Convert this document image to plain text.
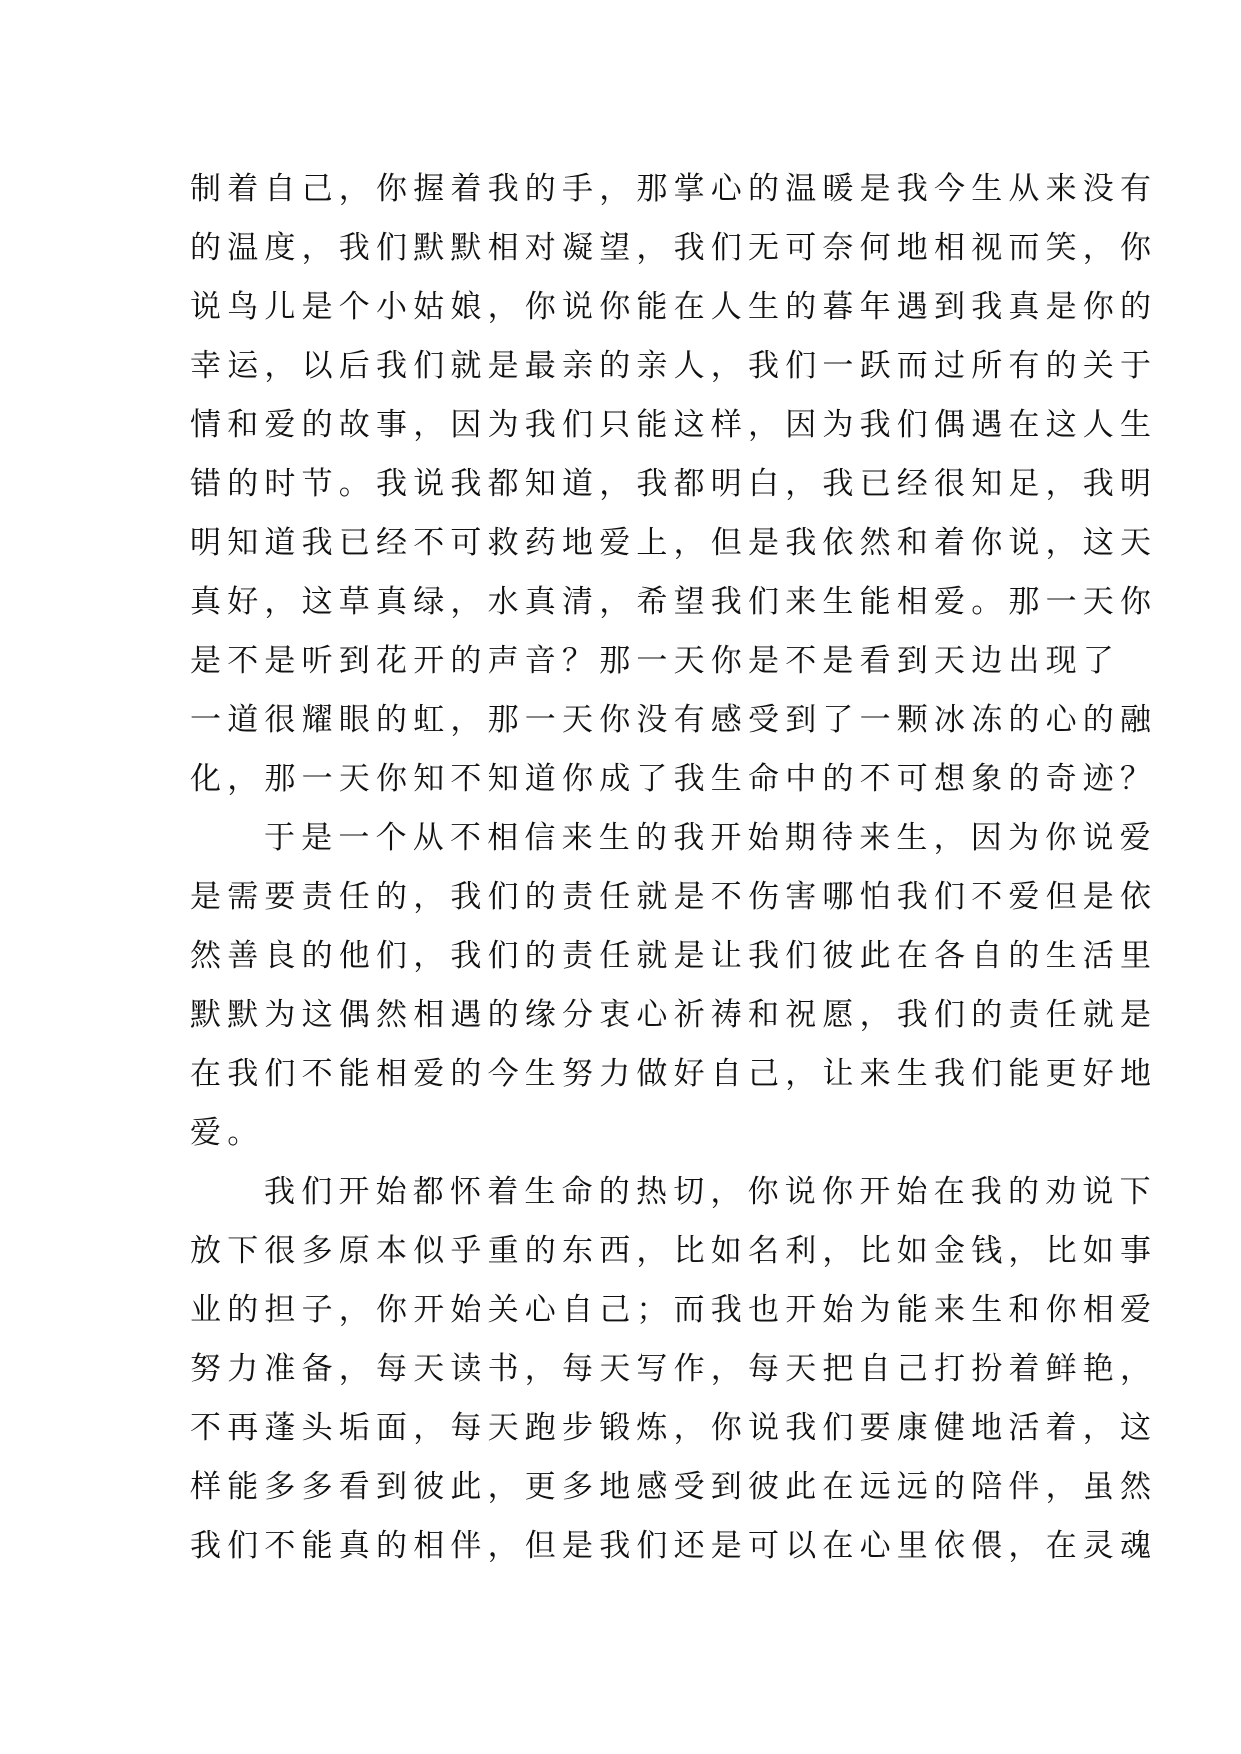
制着自己，你握着我的手，那掌心的温暖是我今生从来没有
的温度，我们默默相对凝望，我们无可奈何地相视而笑，你
说鸟儿是个小姑娘，你说你能在人生的暮年遇到我真是你的
幸运，以后我们就是最亲的亲人，我们一跃而过所有的关于
情和爱的故事，因为我们只能这样，因为我们偶遇在这人生
错的时节。我说我都知道，我都明白，我已经很知足，我明
明知道我已经不可救药地爱上，但是我依然和着你说，这天
真好，这草真绿，水真清，希望我们来生能相爱。那一天你
是不是听到花开的声音？那一天你是不是看到天边出现了
一道很耀眼的虹，那一天你没有感受到了一颗冰冻的心的融
化，那一天你知不知道你成了我生命中的不可想象的奇迹？
于是一个从不相信来生的我开始期待来生，因为你说爱
是需要责任的，我们的责任就是不伤害哪怕我们不爱但是依
然善良的他们，我们的责任就是让我们彼此在各自的生活里
默默为这偶然相遇的缘分衷心祈祷和祝愿，我们的责任就是
在我们不能相爱的今生努力做好自己，让来生我们能更好地
爱。
我们开始都怀着生命的热切，你说你开始在我的劝说下
放下很多原本似乎重的东西，比如名利，比如金钱，比如事
业的担子，你开始关心自己；而我也开始为能来生和你相爱
努力准备，每天读书，每天写作，每天把自己打扮着鲜艳，
不再蓬头垢面，每天跑步锻炼，你说我们要康健地活着，这
样能多多看到彼此，更多地感受到彼此在远远的陪伴，虽然
我们不能真的相伴，但是我们还是可以在心里依偎，在灵魂
